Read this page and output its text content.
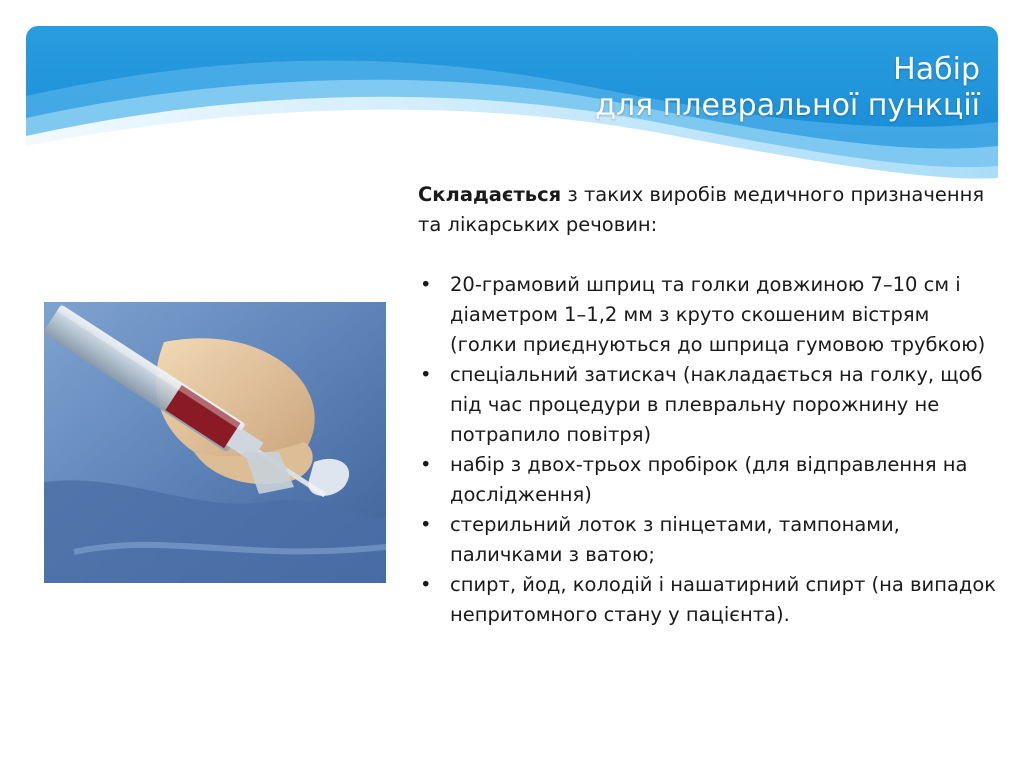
Набір
для плевральної пункції

Складається з таких виробів медичного призначення та лікарських речовин:

• 20-грамовий шприц та голки довжиною 7–10 см і діаметром 1–1,2 мм з круто скошеним вістрям (голки приєднуються до шприца гумовою трубкою)
• спеціальний затискач (накладається на голку, щоб під час процедури в плевральну порожнину не потрапило повітря)
• набір з двох-трьох пробірок (для відправлення на дослідження)
• стерильний лоток з пінцетами, тампонами, паличками з ватою;
• спирт, йод, колодій і нашатирний спирт (на випадок непритомного стану у пацієнта).
